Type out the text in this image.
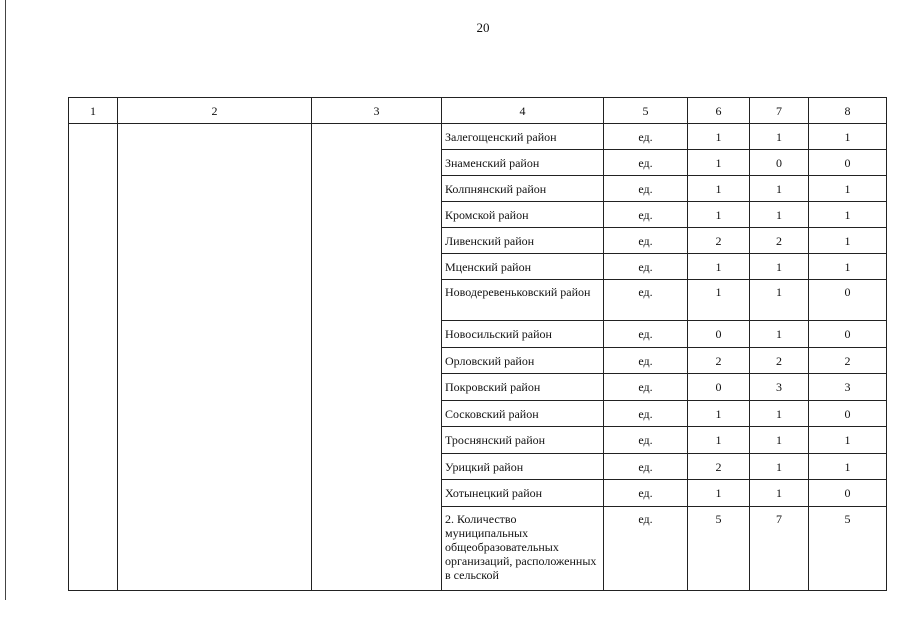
20
1	2	3	4	5	6	7	8
			Залегощенский район	ед.	1	1	1
			Знаменский район	ед.	1	0	0
			Колпнянский район	ед.	1	1	1
			Кромской район	ед.	1	1	1
			Ливенский район	ед.	2	2	1
			Мценский район	ед.	1	1	1
			Новодеревеньковский район	ед.	1	1	0
			Новосильский район	ед.	0	1	0
			Орловский район	ед.	2	2	2
			Покровский район	ед.	0	3	3
			Сосковский район	ед.	1	1	0
			Троснянский район	ед.	1	1	1
			Урицкий район	ед.	2	1	1
			Хотынецкий район	ед.	1	1	0
			2. Количество муниципальных общеобразовательных организаций, расположенных в сельской	ед.	5	7	5
